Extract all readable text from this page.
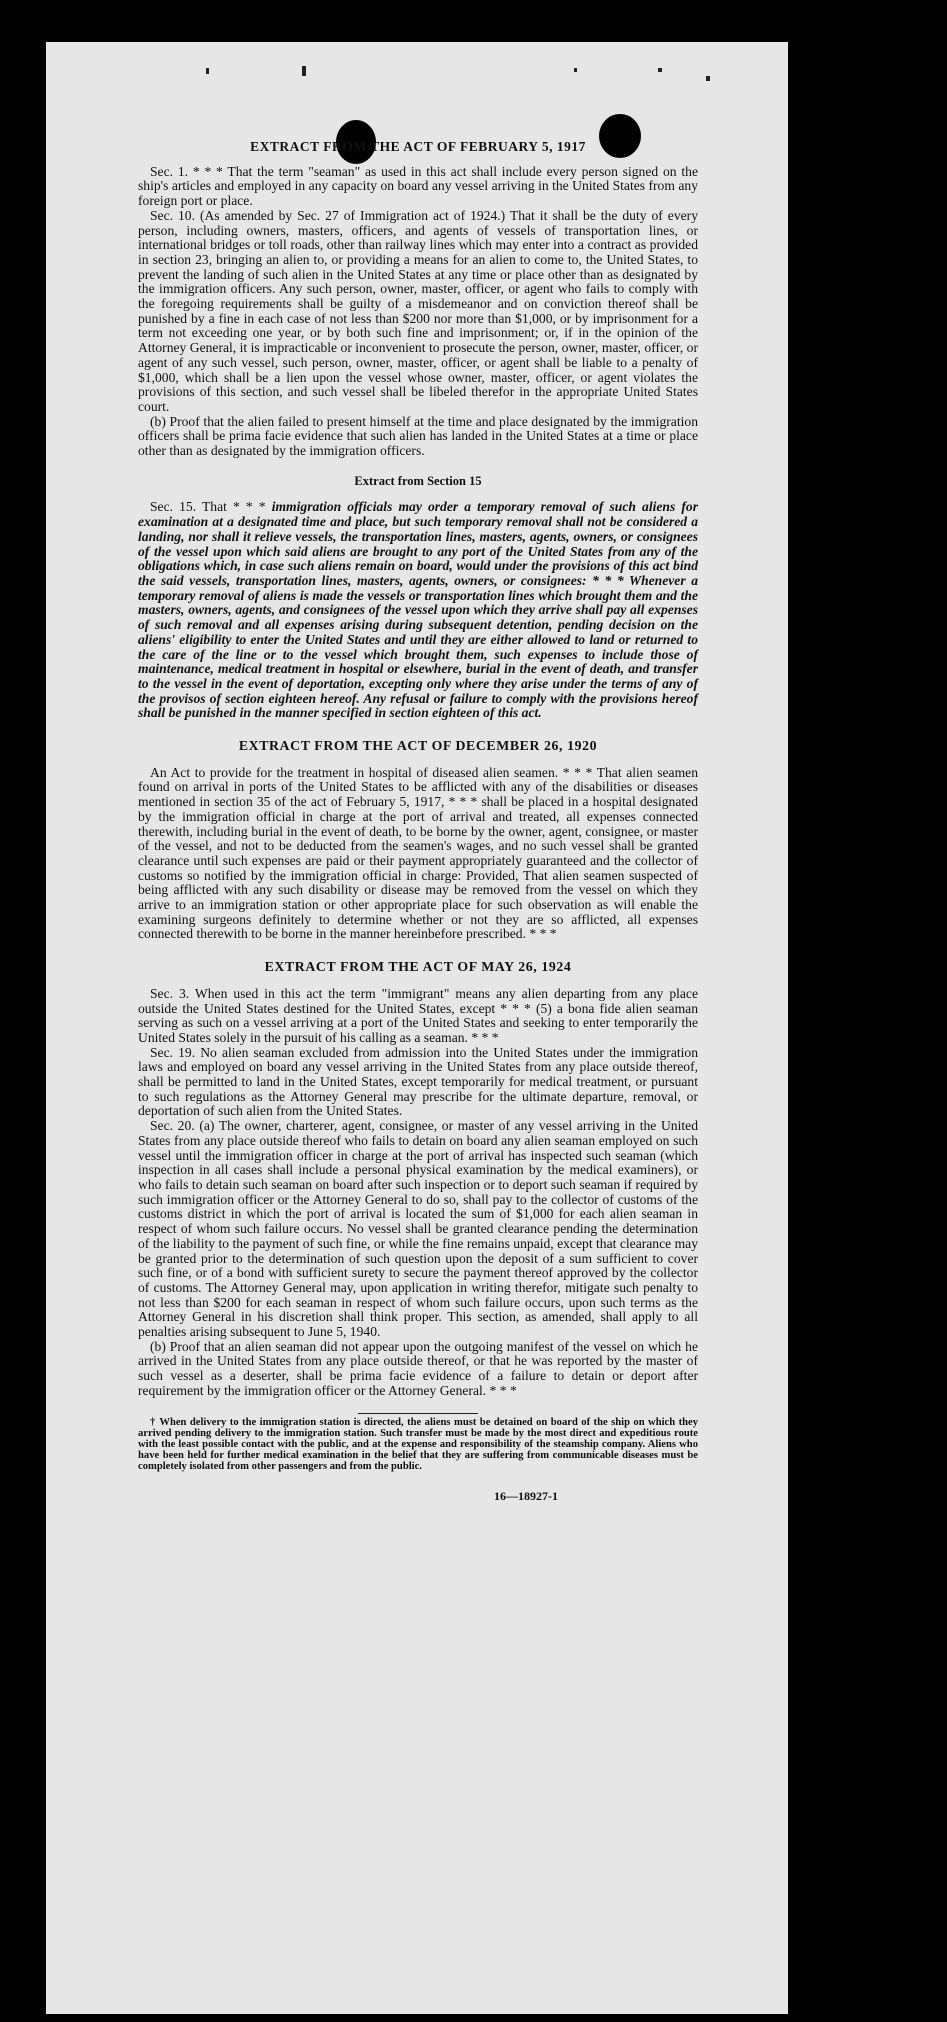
EXTRACT FROM THE ACT OF FEBRUARY 5, 1917

Sec. 1. * * * That the term "seaman" as used in this act shall include every person signed on the ship's articles and employed in any capacity on board any vessel arriving in the United States from any foreign port or place.

Sec. 10. (As amended by Sec. 27 of Immigration act of 1924.) That it shall be the duty of every person, including owners, masters, officers, and agents of vessels of transportation lines, or international bridges or toll roads, other than railway lines which may enter into a contract as provided in section 23, bringing an alien to, or providing a means for an alien to come to, the United States, to prevent the landing of such alien in the United States at any time or place other than as designated by the immigration officers. Any such person, owner, master, officer, or agent who fails to comply with the foregoing requirements shall be guilty of a misdemeanor and on conviction thereof shall be punished by a fine in each case of not less than $200 nor more than $1,000, or by imprisonment for a term not exceeding one year, or by both such fine and imprisonment; or, if in the opinion of the Attorney General, it is impracticable or inconvenient to prosecute the person, owner, master, officer, or agent of any such vessel, such person, owner, master, officer, or agent shall be liable to a penalty of $1,000, which shall be a lien upon the vessel whose owner, master, officer, or agent violates the provisions of this section, and such vessel shall be libeled therefor in the appropriate United States court.

(b) Proof that the alien failed to present himself at the time and place designated by the immigration officers shall be prima facie evidence that such alien has landed in the United States at a time or place other than as designated by the immigration officers.

Extract from Section 15

Sec. 15. That * * * immigration officials may order a temporary removal of such aliens for examination at a designated time and place, but such temporary removal shall not be considered a landing, nor shall it relieve vessels, the transportation lines, masters, agents, owners, or consignees of the vessel upon which said aliens are brought to any port of the United States from any of the obligations which, in case such aliens remain on board, would under the provisions of this act bind the said vessels, transportation lines, masters, agents, owners, or consignees: * * * Whenever a temporary removal of aliens is made the vessels or transportation lines which brought them and the masters, owners, agents, and consignees of the vessel upon which they arrive shall pay all expenses of such removal and all expenses arising during subsequent detention, pending decision on the aliens' eligibility to enter the United States and until they are either allowed to land or returned to the care of the line or to the vessel which brought them, such expenses to include those of maintenance, medical treatment in hospital or elsewhere, burial in the event of death, and transfer to the vessel in the event of deportation, excepting only where they arise under the terms of any of the provisos of section eighteen hereof. Any refusal or failure to comply with the provisions hereof shall be punished in the manner specified in section eighteen of this act.

EXTRACT FROM THE ACT OF DECEMBER 26, 1920

An Act to provide for the treatment in hospital of diseased alien seamen. * * * That alien seamen found on arrival in ports of the United States to be afflicted with any of the disabilities or diseases mentioned in section 35 of the act of February 5, 1917, * * * shall be placed in a hospital designated by the immigration official in charge at the port of arrival and treated, all expenses connected therewith, including burial in the event of death, to be borne by the owner, agent, consignee, or master of the vessel, and not to be deducted from the seamen's wages, and no such vessel shall be granted clearance until such expenses are paid or their payment appropriately guaranteed and the collector of customs so notified by the immigration official in charge: Provided, That alien seamen suspected of being afflicted with any such disability or disease may be removed from the vessel on which they arrive to an immigration station or other appropriate place for such observation as will enable the examining surgeons definitely to determine whether or not they are so afflicted, all expenses connected therewith to be borne in the manner hereinbefore prescribed. * * *

EXTRACT FROM THE ACT OF MAY 26, 1924

Sec. 3. When used in this act the term "immigrant" means any alien departing from any place outside the United States destined for the United States, except * * * (5) a bona fide alien seaman serving as such on a vessel arriving at a port of the United States and seeking to enter temporarily the United States solely in the pursuit of his calling as a seaman. * * *

Sec. 19. No alien seaman excluded from admission into the United States under the immigration laws and employed on board any vessel arriving in the United States from any place outside thereof, shall be permitted to land in the United States, except temporarily for medical treatment, or pursuant to such regulations as the Attorney General may prescribe for the ultimate departure, removal, or deportation of such alien from the United States.

Sec. 20. (a) The owner, charterer, agent, consignee, or master of any vessel arriving in the United States from any place outside thereof who fails to detain on board any alien seaman employed on such vessel until the immigration officer in charge at the port of arrival has inspected such seaman (which inspection in all cases shall include a personal physical examination by the medical examiners), or who fails to detain such seaman on board after such inspection or to deport such seaman if required by such immigration officer or the Attorney General to do so, shall pay to the collector of customs of the customs district in which the port of arrival is located the sum of $1,000 for each alien seaman in respect of whom such failure occurs. No vessel shall be granted clearance pending the determination of the liability to the payment of such fine, or while the fine remains unpaid, except that clearance may be granted prior to the determination of such question upon the deposit of a sum sufficient to cover such fine, or of a bond with sufficient surety to secure the payment thereof approved by the collector of customs. The Attorney General may, upon application in writing therefor, mitigate such penalty to not less than $200 for each seaman in respect of whom such failure occurs, upon such terms as the Attorney General in his discretion shall think proper. This section, as amended, shall apply to all penalties arising subsequent to June 5, 1940.

(b) Proof that an alien seaman did not appear upon the outgoing manifest of the vessel on which he arrived in the United States from any place outside thereof, or that he was reported by the master of such vessel as a deserter, shall be prima facie evidence of a failure to detain or deport after requirement by the immigration officer or the Attorney General. * * *

† When delivery to the immigration station is directed, the aliens must be detained on board of the ship on which they arrived pending delivery to the immigration station. Such transfer must be made by the most direct and expeditious route with the least possible contact with the public, and at the expense and responsibility of the steamship company. Aliens who have been held for further medical examination in the belief that they are suffering from communicable diseases must be completely isolated from other passengers and from the public.

16—18927-1
